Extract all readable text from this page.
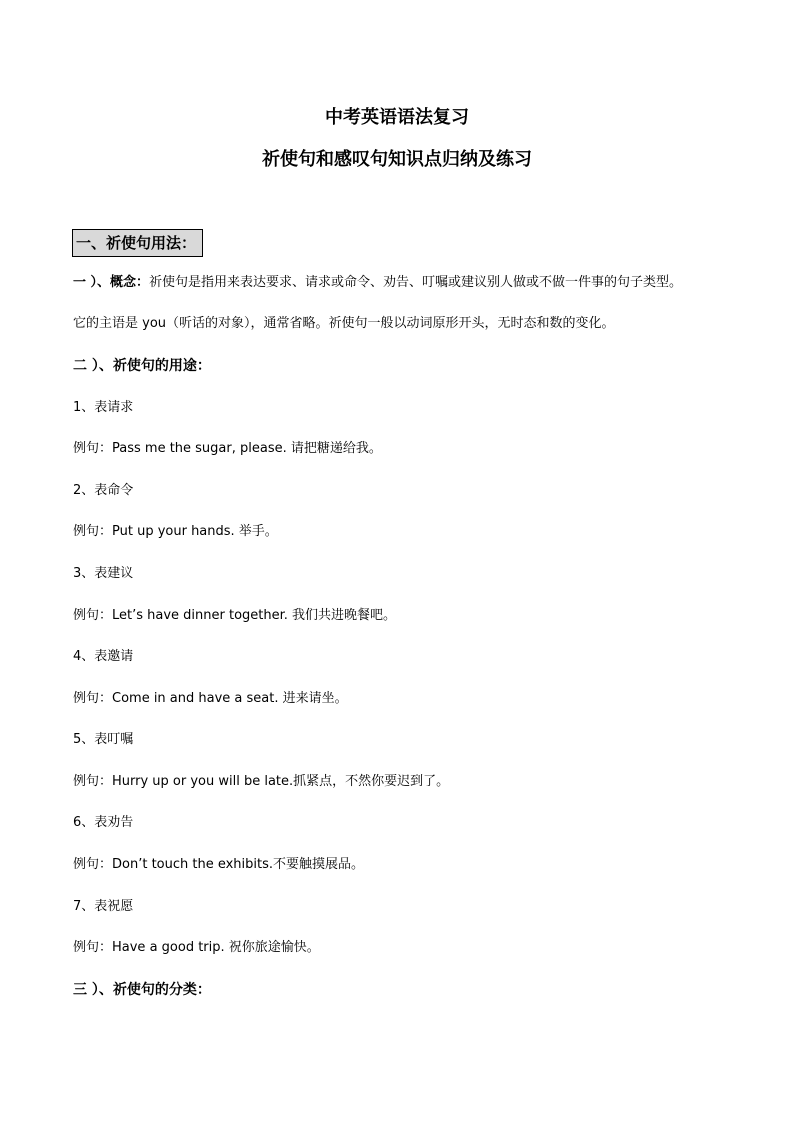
中考英语语法复习
祈使句和感叹句知识点归纳及练习
一、祈使句用法：
一 ）、概念：祈使句是指用来表达要求、请求或命令、劝告、叮嘱或建议别人做或不做一件事的句子类型。
它的主语是 you（听话的对象），通常省略。祈使句一般以动词原形开头，无时态和数的变化。
二 ）、祈使句的用途：
1、表请求
例句：Pass me the sugar, please. 请把糖递给我。
2、表命令
例句：Put up your hands. 举手。
3、表建议
例句：Let’s have dinner together. 我们共进晚餐吧。
4、表邀请
例句：Come in and have a seat. 进来请坐。
5、表叮嘱
例句：Hurry up or you will be late.抓紧点，不然你要迟到了。
6、表劝告
例句：Don’t touch the exhibits.不要触摸展品。
7、表祝愿
例句：Have a good trip. 祝你旅途愉快。
三 ）、祈使句的分类：
